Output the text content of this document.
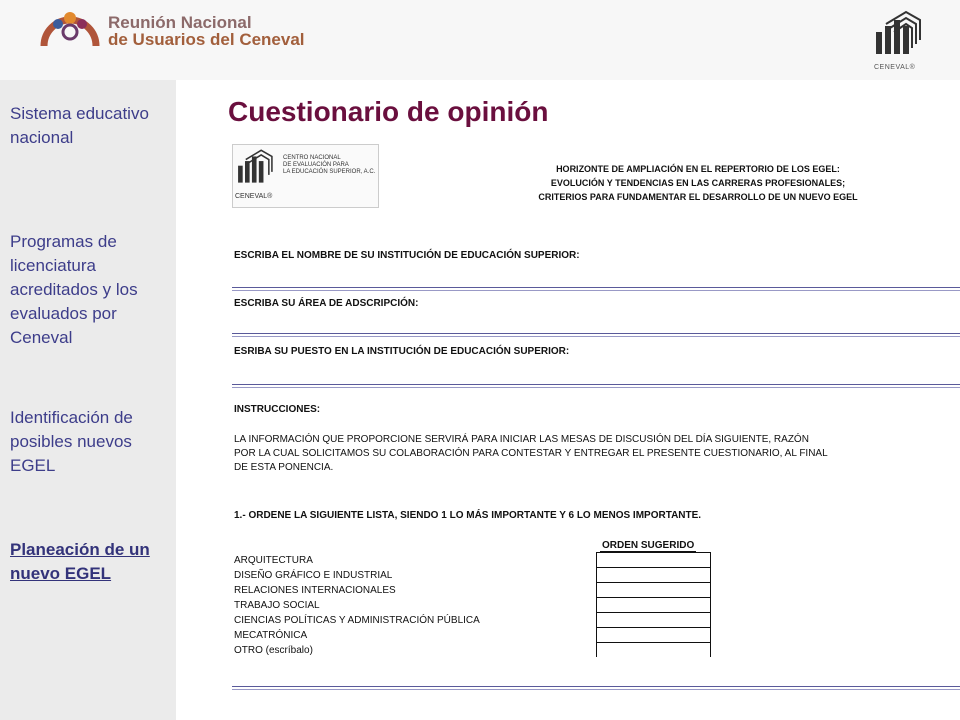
Reunión Nacional
de Usuarios del Ceneval
CENEVAL®
Sistema educativo nacional
Programas de licenciatura acreditados y los evaluados por Ceneval
Identificación de posibles nuevos EGEL
Planeación de un nuevo EGEL
Cuestionario de opinión
CENEVAL®
CENTRO NACIONAL
DE EVALUACIÓN PARA
LA EDUCACIÓN SUPERIOR, A.C.	HORIZONTE DE AMPLIACIÓN EN EL REPERTORIO DE LOS EGEL:
EVOLUCIÓN Y TENDENCIAS EN LAS CARRERAS PROFESIONALES;
CRITERIOS PARA FUNDAMENTAR EL DESARROLLO DE UN NUEVO EGEL
ESCRIBA EL NOMBRE DE SU INSTITUCIÓN DE EDUCACIÓN SUPERIOR:
ESCRIBA SU ÁREA DE ADSCRIPCIÓN:
ESRIBA SU PUESTO EN LA INSTITUCIÓN DE EDUCACIÓN SUPERIOR:
INSTRUCCIONES:
LA INFORMACIÓN QUE PROPORCIONE SERVIRÁ PARA INICIAR LAS MESAS DE DISCUSIÓN DEL DÍA SIGUIENTE, RAZÓN
POR LA CUAL SOLICITAMOS SU COLABORACIÓN PARA CONTESTAR Y ENTREGAR EL PRESENTE CUESTIONARIO, AL FINAL
DE ESTA PONENCIA.
1.- ORDENE LA SIGUIENTE LISTA, SIENDO 1 LO MÁS IMPORTANTE Y 6 LO MENOS IMPORTANTE.
ORDEN SUGERIDO
ARQUITECTURA
DISEÑO GRÁFICO E INDUSTRIAL
RELACIONES INTERNACIONALES
TRABAJO SOCIAL
CIENCIAS POLÍTICAS Y ADMINISTRACIÓN PÚBLICA
MECATRÓNICA
OTRO (escríbalo)
